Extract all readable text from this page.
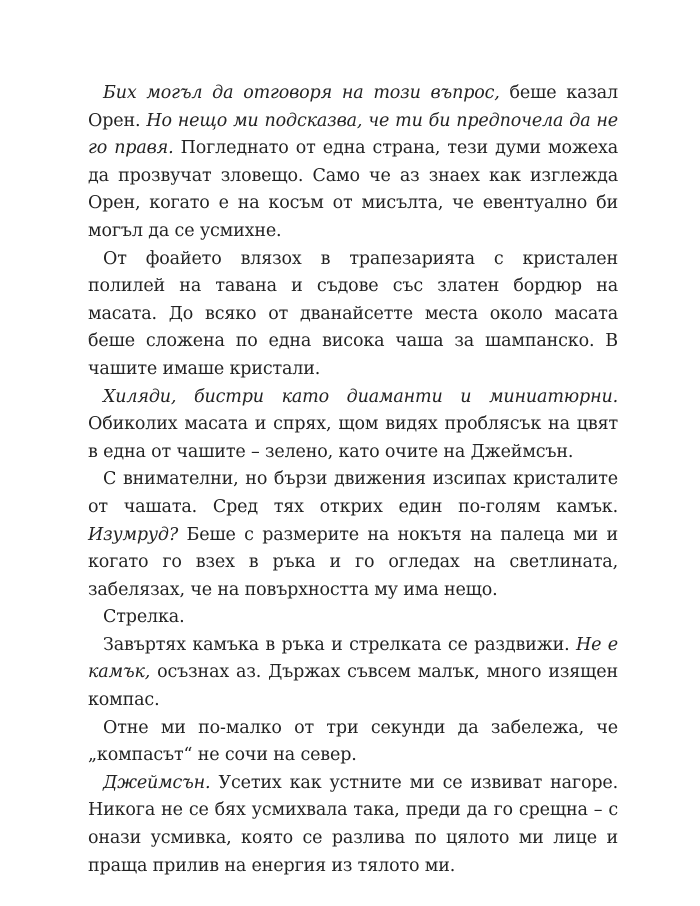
Бих могъл да отговоря на този въпрос, беше казал Орен. Но нещо ми подсказва, че ти би предпочела да не го правя. Погледнато от една страна, тези думи можеха да прозвучат зловещо. Само че аз знаех как изглежда Орен, когато е на косъм от мисълта, че евентуално би могъл да се усмихне.

От фоайето влязох в трапезарията с кристален полилей на тавана и съдове със златен бордюр на масата. До всяко от дванайсетте места около масата беше сложена по една висока чаша за шампанско. В чашите имаше кристали.

Хиляди, бистри като диаманти и миниатюрни. Обиколих масата и спрях, щом видях проблясък на цвят в една от чашите – зелено, като очите на Джеймсън.

С внимателни, но бързи движения изсипах кристалите от чашата. Сред тях открих един по-голям камък. Изумруд? Беше с размерите на нокътя на палеца ми и когато го взех в ръка и го огледах на светлината, забелязах, че на повърхността му има нещо.

Стрелка.

Завъртях камъка в ръка и стрелката се раздвижи. Не е камък, осъзнах аз. Държах съвсем малък, много изящен компас.

Отне ми по-малко от три секунди да забележа, че „компасът“ не сочи на север.

Джеймсън. Усетих как устните ми се извиват нагоре. Никога не се бях усмихвала така, преди да го срещна – с онази усмивка, която се разлива по цялото ми лице и праща прилив на енергия из тялото ми.
